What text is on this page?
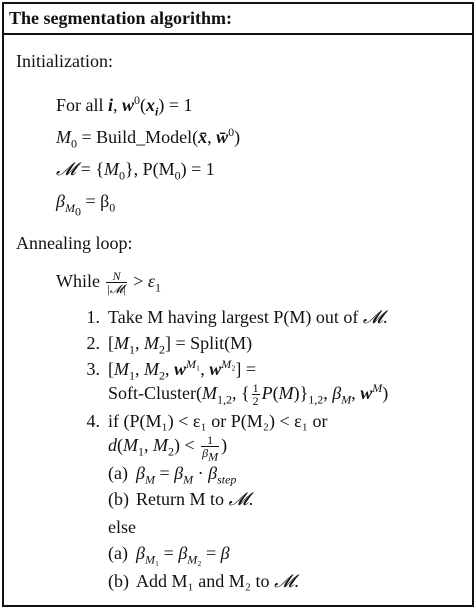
The segmentation algorithm:
Initialization:
For all i, $w^0(x_i) = 1$
$M_0$ = Build_Model(x̄, w̄$^0$)
𝓜 = $\{M_0\}$, $P(M_0) = 1$
$\beta_{M_0} = \beta_0$
Annealing loop:
While $\frac{N}{\text{|𝓜|}} > \varepsilon_1$
1. Take M having largest P(M) out of 𝓜.
2. [$M_1$, $M_2$] = Split(M)
3. [$M_1$, $M_2$, $w^{M_1}$, $w^{M_2}$] =
Soft-$Cluster(M_{1,2}$, { $\frac{1}{2} P(M)\}_{1,2}$, $\beta_M$, $w^M$)
4. if (P(M₁) < ε₁ or P(M₂) < ε₁ or
$d(M_1$, $M_2) < \frac{1}{\beta_M}$ )
(a) $\beta_M = \beta_M \cdot \beta_{step}$
(b) Return M to 𝓜.
else
(a) $\beta_{M_1} = \beta_{M_2} = \beta$
(b) Add M₁ and M₂ to 𝓜.
